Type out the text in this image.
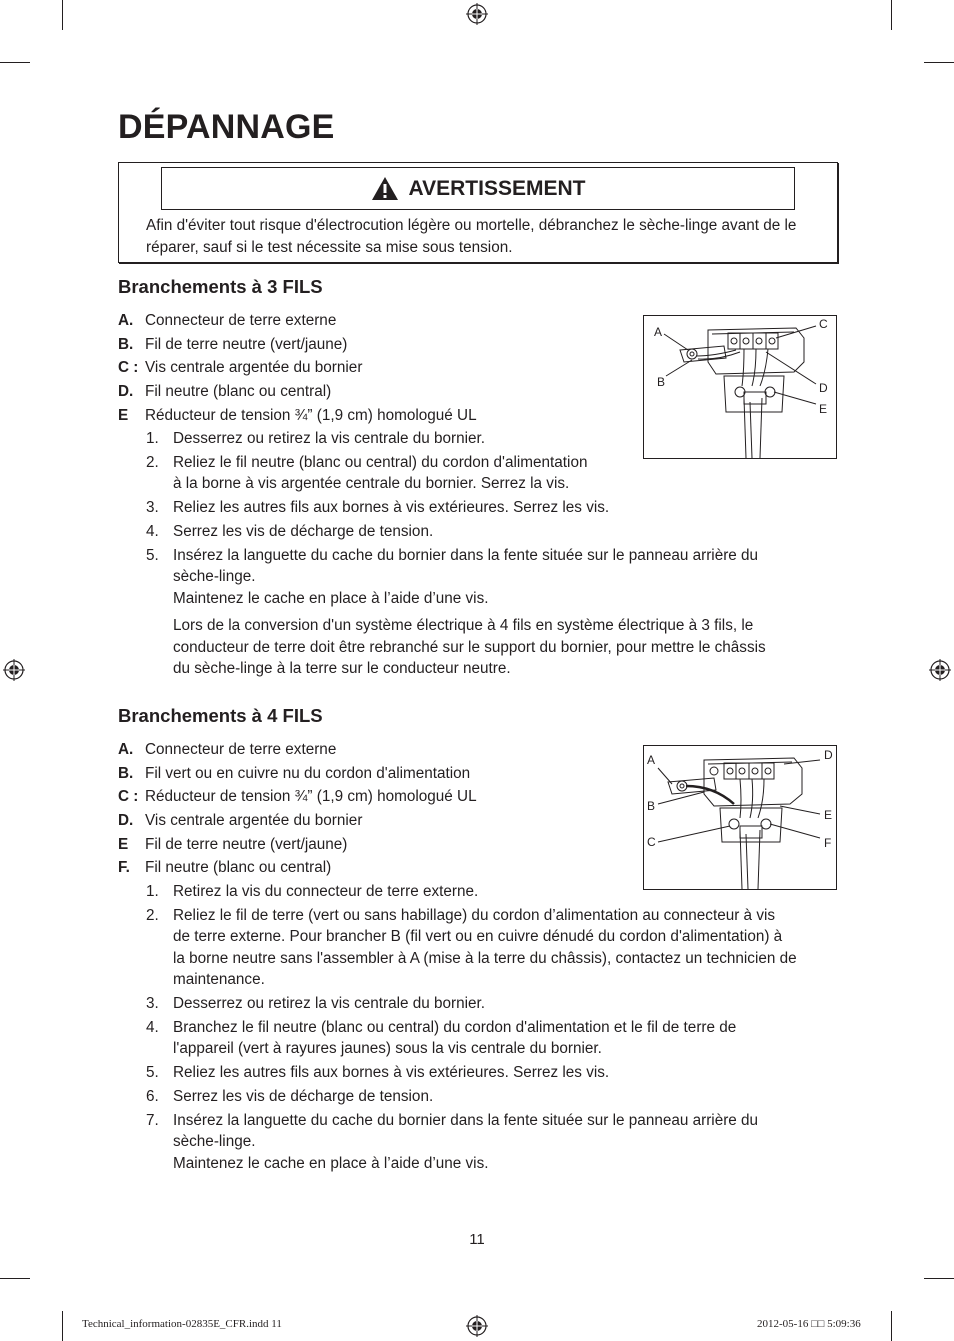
DÉPANNAGE
AVERTISSEMENT
Afin d'éviter tout risque d'électrocution légère ou mortelle, débranchez le sèche-linge avant de le réparer, sauf si le test nécessite sa mise sous tension.
Branchements à 3 FILS
A. Connecteur de terre externe
B. Fil de terre neutre (vert/jaune)
C : Vis centrale argentée du bornier
D. Fil neutre (blanc ou central)
E	Réducteur de tension ¾” (1,9 cm) homologué UL
1. Desserrez ou retirez la vis centrale du bornier.
2. Reliez le fil neutre (blanc ou central) du cordon d'alimentation
à la borne à vis argentée centrale du bornier. Serrez la vis.
3. Reliez les autres fils aux bornes à vis extérieures. Serrez les vis.
4. Serrez les vis de décharge de tension.
5. Insérez la languette du cache du bornier dans la fente située sur le panneau arrière du
sèche-linge.
Maintenez le cache en place à l’aide d’une vis.
Lors de la conversion d'un système électrique à 4 fils en système électrique à 3 fils, le
conducteur de terre doit être rebranché sur le support du bornier, pour mettre le châssis
du sèche-linge à la terre sur le conducteur neutre.
A
B
C
D
E
Branchements à 4 FILS
A. Connecteur de terre externe
B. Fil vert ou en cuivre nu du cordon d'alimentation
C : Réducteur de tension ¾” (1,9 cm) homologué UL
D. Vis centrale argentée du bornier
E	Fil de terre neutre (vert/jaune)
F. Fil neutre (blanc ou central)
1. Retirez la vis du connecteur de terre externe.
2. Reliez le fil de terre (vert ou sans habillage) du cordon d’alimentation au connecteur à vis
de terre externe. Pour brancher B (fil vert ou en cuivre dénudé du cordon d'alimentation) à
la borne neutre sans l'assembler à A (mise à la terre du châssis), contactez un technicien de
maintenance.
3. Desserrez ou retirez la vis centrale du bornier.
4. Branchez le fil neutre (blanc ou central) du cordon d'alimentation et le fil de terre de
l'appareil (vert à rayures jaunes) sous la vis centrale du bornier.
5. Reliez les autres fils aux bornes à vis extérieures. Serrez les vis.
6. Serrez les vis de décharge de tension.
7. Insérez la languette du cache du bornier dans la fente située sur le panneau arrière du
sèche-linge.
Maintenez le cache en place à l’aide d’une vis.
A
B
C
D
E
F
11
Technical_information-02835E_CFR.indd 11	2012-05-16 □□ 5:09:36
